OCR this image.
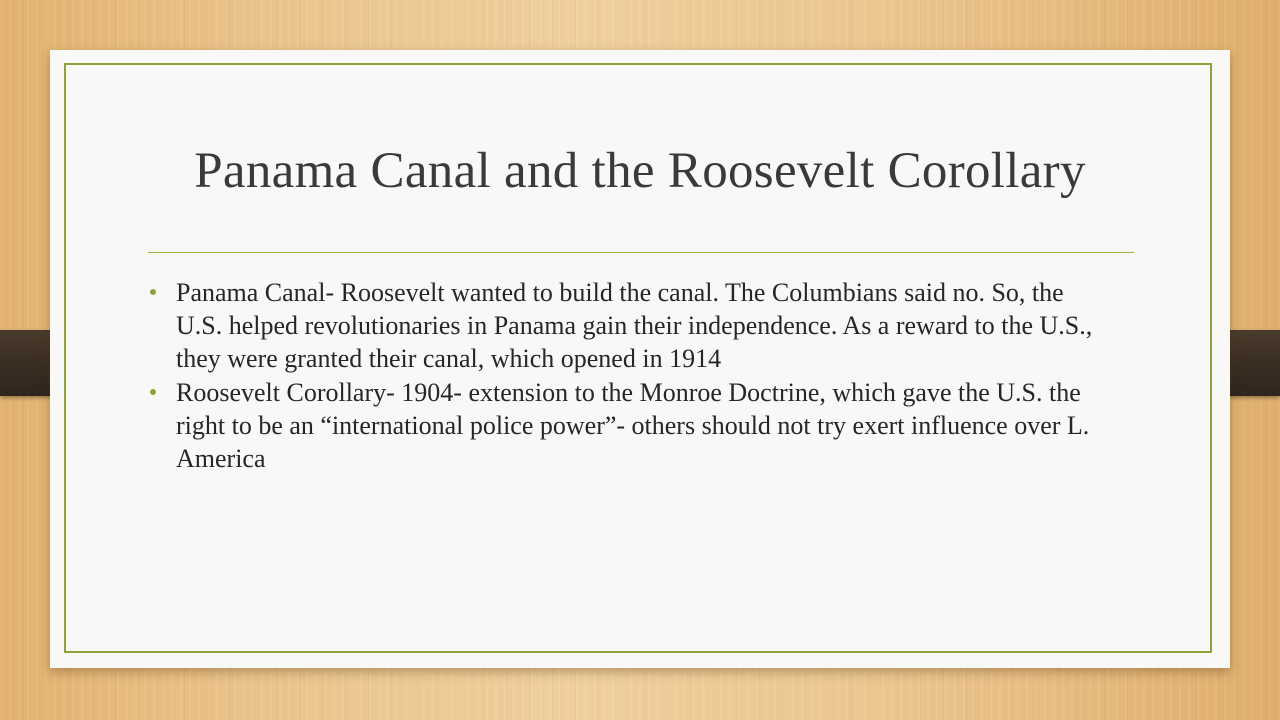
Panama Canal and the Roosevelt Corollary
Panama Canal- Roosevelt wanted to build the canal. The Columbians said no. So, the U.S. helped revolutionaries in Panama gain their independence. As a reward to the U.S., they were granted their canal, which opened in 1914
Roosevelt Corollary- 1904- extension to the Monroe Doctrine, which gave the U.S. the right to be an “international police power”- others should not try exert influence over L. America
